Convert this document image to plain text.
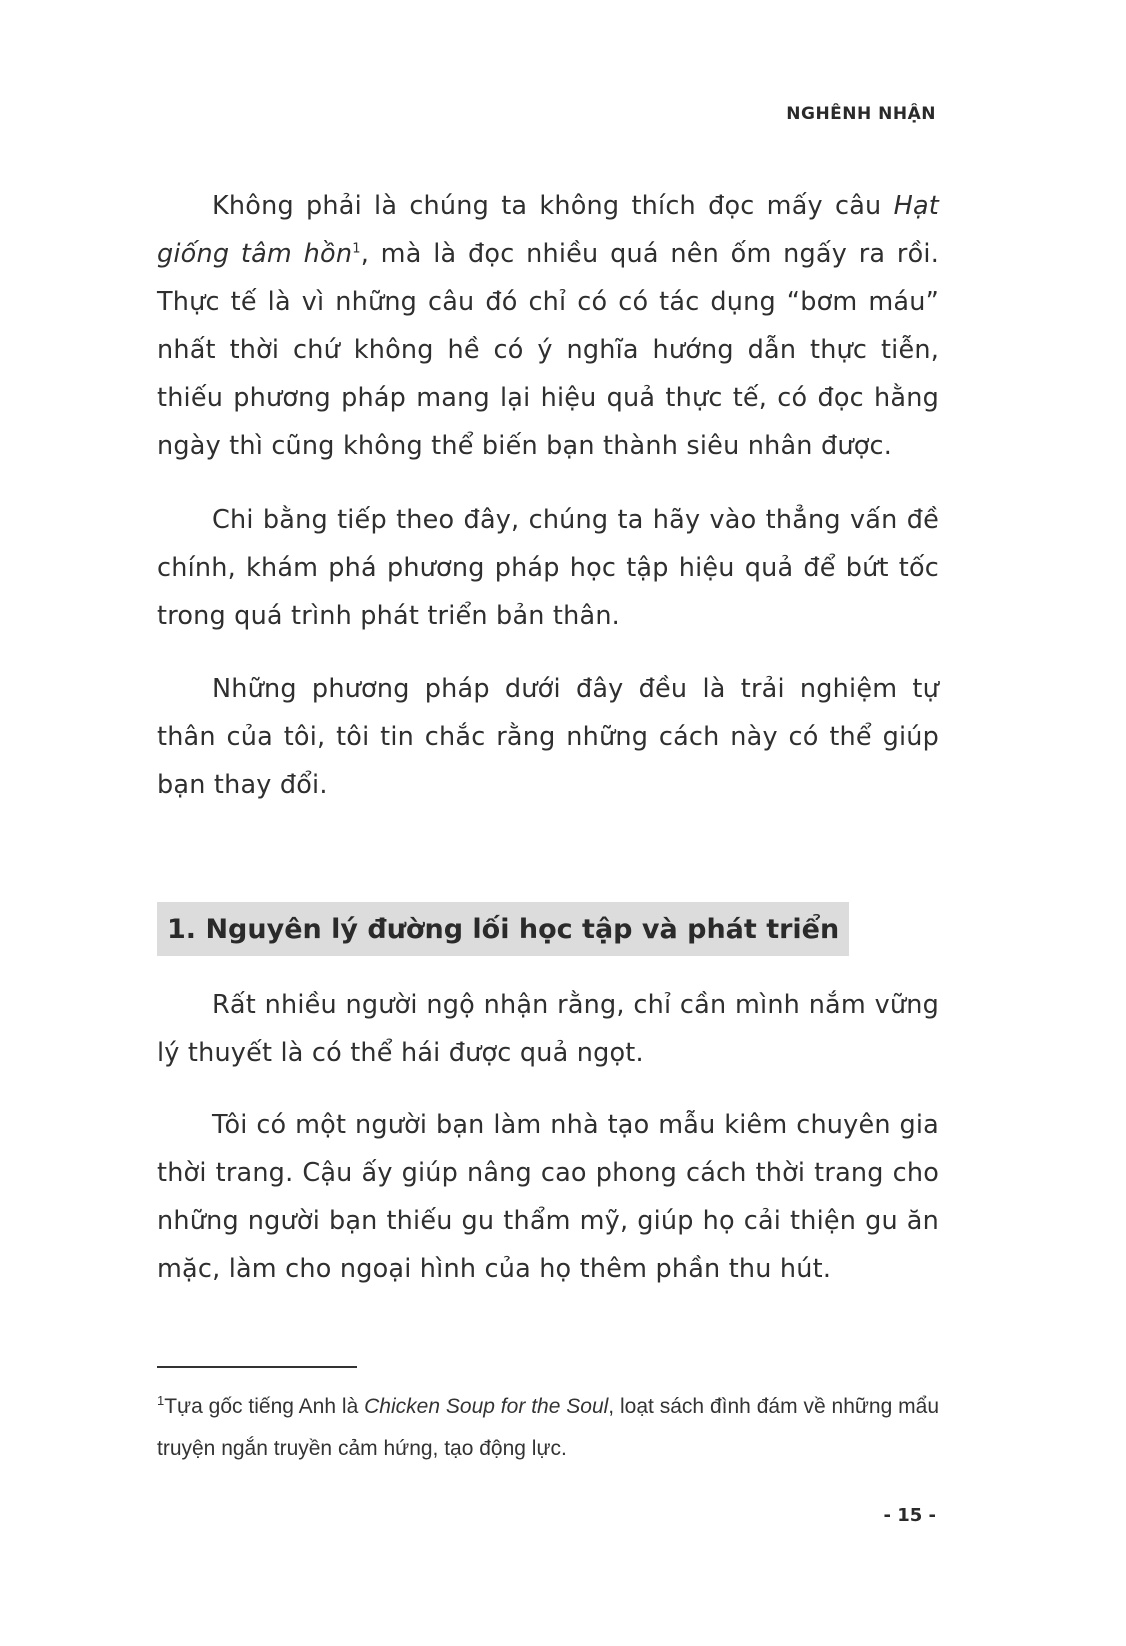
NGHÊNH NHẬN

Không phải là chúng ta không thích đọc mấy câu Hạt giống tâm hồn$^1$, mà là đọc nhiều quá nên ốm ngấy ra rồi. Thực tế là vì những câu đó chỉ có có tác dụng “bơm máu” nhất thời chứ không hề có ý nghĩa hướng dẫn thực tiễn, thiếu phương pháp mang lại hiệu quả thực tế, có đọc hằng ngày thì cũng không thể biến bạn thành siêu nhân được.

Chi bằng tiếp theo đây, chúng ta hãy vào thẳng vấn đề chính, khám phá phương pháp học tập hiệu quả để bứt tốc trong quá trình phát triển bản thân.

Những phương pháp dưới đây đều là trải nghiệm tự thân của tôi, tôi tin chắc rằng những cách này có thể giúp bạn thay đổi.

1. Nguyên lý đường lối học tập và phát triển

Rất nhiều người ngộ nhận rằng, chỉ cần mình nắm vững lý thuyết là có thể hái được quả ngọt.

Tôi có một người bạn làm nhà tạo mẫu kiêm chuyên gia thời trang. Cậu ấy giúp nâng cao phong cách thời trang cho những người bạn thiếu gu thẩm mỹ, giúp họ cải thiện gu ăn mặc, làm cho ngoại hình của họ thêm phần thu hút.

$^1$Tựa gốc tiếng Anh là Chicken Soup for the Soul, loạt sách đình đám về những mẩu truyện ngắn truyền cảm hứng, tạo động lực.

- 15 -
